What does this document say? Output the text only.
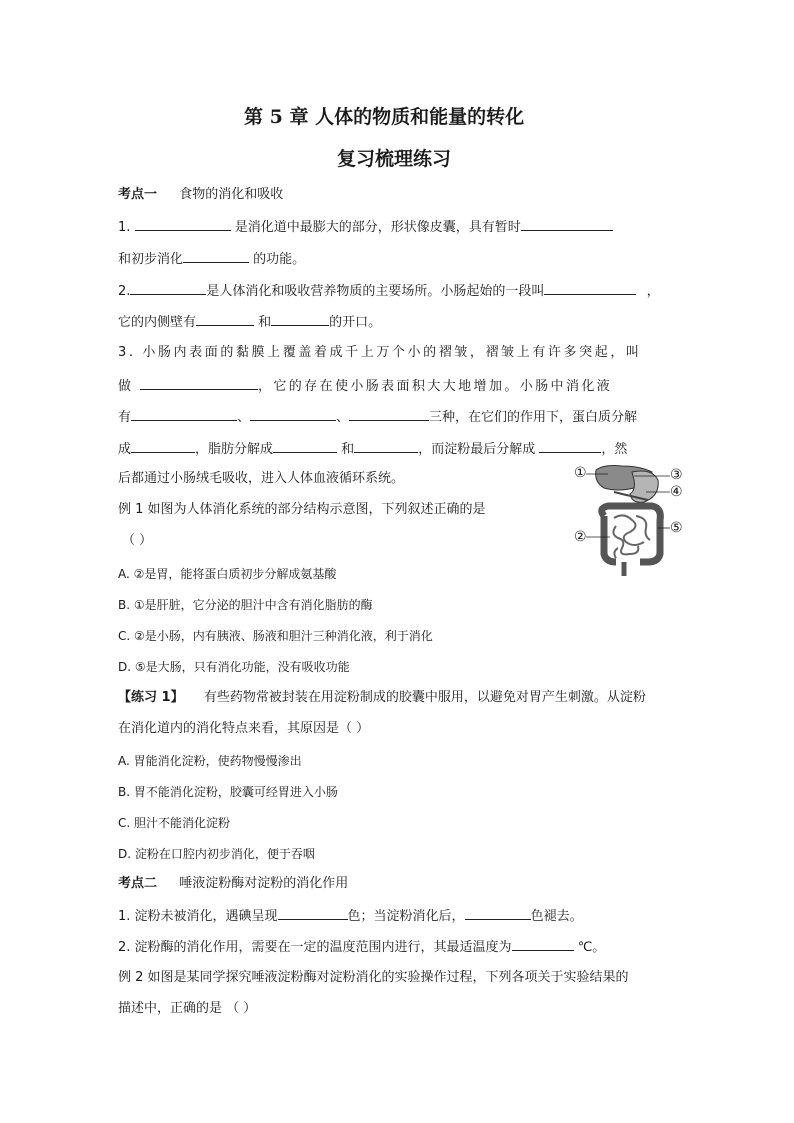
第 5 章 人体的物质和能量的转化
复习梳理练习
考点一 食物的消化和吸收
1.	是消化道中最膨大的部分，形状像皮囊，具有暂时
和初步消化	的功能。
2.	是人体消化和吸收营养物质的主要场所。小肠起始的一段叫	，
它的内侧壁有	和	的开口。
3. 小肠内表面的黏膜上覆盖着成千上万个小的褶皱，褶皱上有许多突起，叫
做	，它的存在使小肠表面积大大地增加。小肠中消化液
有	、	、	三种，在它们的作用下，蛋白质分解
成	，脂肪分解成	和	，而淀粉最后分解成	，然
后都通过小肠绒毛吸收，进入人体血液循环系统。
例 1 如图为人体消化系统的部分结构示意图，下列叙述正确的是
（ ）
A. ②是胃，能将蛋白质初步分解成氨基酸
B. ①是肝脏，它分泌的胆汁中含有消化脂肪的酶
C. ②是小肠，内有胰液、肠液和胆汁三种消化液，利于消化
D. ⑤是大肠，只有消化功能，没有吸收功能
①	③
④
⑤
②
【练习 1】 有些药物常被封装在用淀粉制成的胶囊中服用，以避免对胃产生刺激。从淀粉
在消化道内的消化特点来看，其原因是（ ）
A. 胃能消化淀粉，使药物慢慢渗出
B. 胃不能消化淀粉，胶囊可经胃进入小肠
C. 胆汁不能消化淀粉
D. 淀粉在口腔内初步消化，便于吞咽
考点二 唾液淀粉酶对淀粉的消化作用
1. 淀粉未被消化，遇碘呈现	色；当淀粉消化后，	色褪去。
2. 淀粉酶的消化作用，需要在一定的温度范围内进行，其最适温度为	℃。
例 2 如图是某同学探究唾液淀粉酶对淀粉消化的实验操作过程，下列各项关于实验结果的
描述中，正确的是 （ ）
